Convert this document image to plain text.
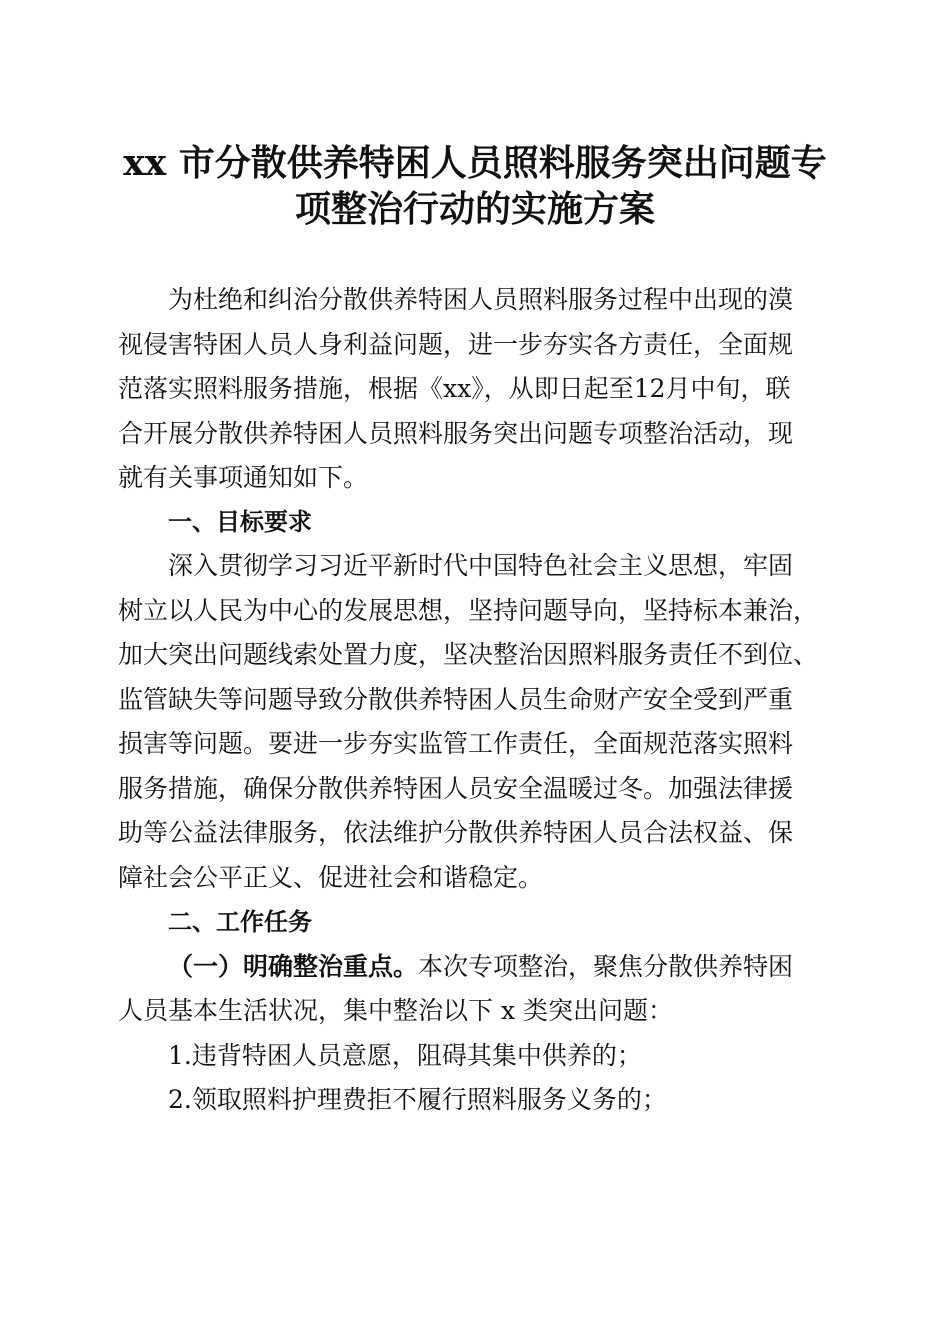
xx 市分散供养特困人员照料服务突出问题专
项整治行动的实施方案
为杜绝和纠治分散供养特困人员照料服务过程中出现的漠
视侵害特困人员人身利益问题，进一步夯实各方责任，全面规
范落实照料服务措施，根据《xx》，从即日起至12月中旬，联
合开展分散供养特困人员照料服务突出问题专项整治活动，现
就有关事项通知如下。
一、目标要求
深入贯彻学习习近平新时代中国特色社会主义思想，牢固
树立以人民为中心的发展思想，坚持问题导向，坚持标本兼治，
加大突出问题线索处置力度，坚决整治因照料服务责任不到位、
监管缺失等问题导致分散供养特困人员生命财产安全受到严重
损害等问题。要进一步夯实监管工作责任，全面规范落实照料
服务措施，确保分散供养特困人员安全温暖过冬。加强法律援
助等公益法律服务，依法维护分散供养特困人员合法权益、保
障社会公平正义、促进社会和谐稳定。
二、工作任务
（一）明确整治重点。本次专项整治，聚焦分散供养特困
人员基本生活状况，集中整治以下 x 类突出问题：
1.违背特困人员意愿，阻碍其集中供养的；
2.领取照料护理费拒不履行照料服务义务的；
